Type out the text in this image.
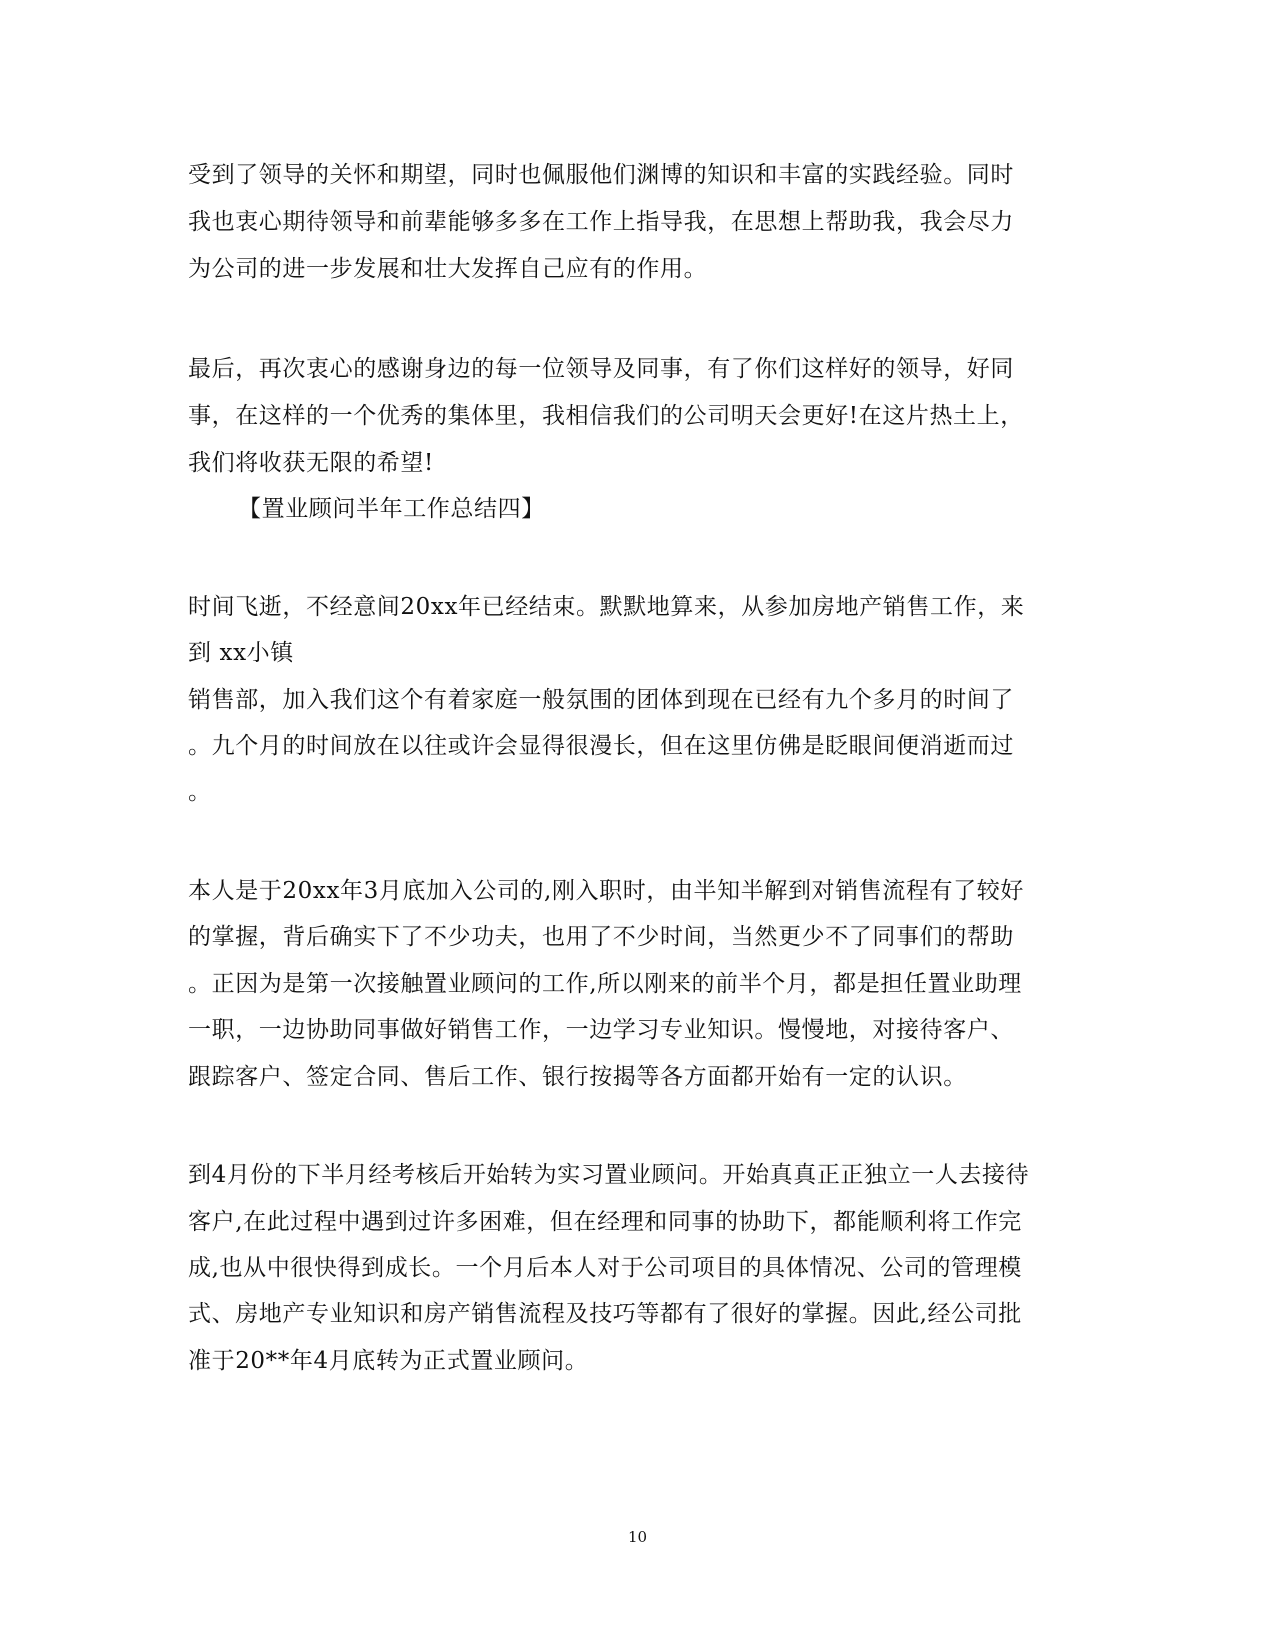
受到了领导的关怀和期望，同时也佩服他们渊博的知识和丰富的实践经验。同时
我也衷心期待领导和前辈能够多多在工作上指导我，在思想上帮助我，我会尽力
为公司的进一步发展和壮大发挥自己应有的作用。
最后，再次衷心的感谢身边的每一位领导及同事，有了你们这样好的领导，好同
事，在这样的一个优秀的集体里，我相信我们的公司明天会更好!在这片热土上，
我们将收获无限的希望!
【置业顾问半年工作总结四】
时间飞逝，不经意间20xx年已经结束。默默地算来，从参加房地产销售工作，来
到 xx小镇
销售部，加入我们这个有着家庭一般氛围的团体到现在已经有九个多月的时间了
。九个月的时间放在以往或许会显得很漫长，但在这里仿佛是眨眼间便消逝而过
。
本人是于20xx年3月底加入公司的,刚入职时，由半知半解到对销售流程有了较好
的掌握，背后确实下了不少功夫，也用了不少时间，当然更少不了同事们的帮助
。正因为是第一次接触置业顾问的工作,所以刚来的前半个月，都是担任置业助理
一职，一边协助同事做好销售工作，一边学习专业知识。慢慢地，对接待客户、
跟踪客户、签定合同、售后工作、银行按揭等各方面都开始有一定的认识。
到4月份的下半月经考核后开始转为实习置业顾问。开始真真正正独立一人去接待
客户,在此过程中遇到过许多困难，但在经理和同事的协助下，都能顺利将工作完
成,也从中很快得到成长。一个月后本人对于公司项目的具体情况、公司的管理模
式、房地产专业知识和房产销售流程及技巧等都有了很好的掌握。因此,经公司批
准于20**年4月底转为正式置业顾问。
10
